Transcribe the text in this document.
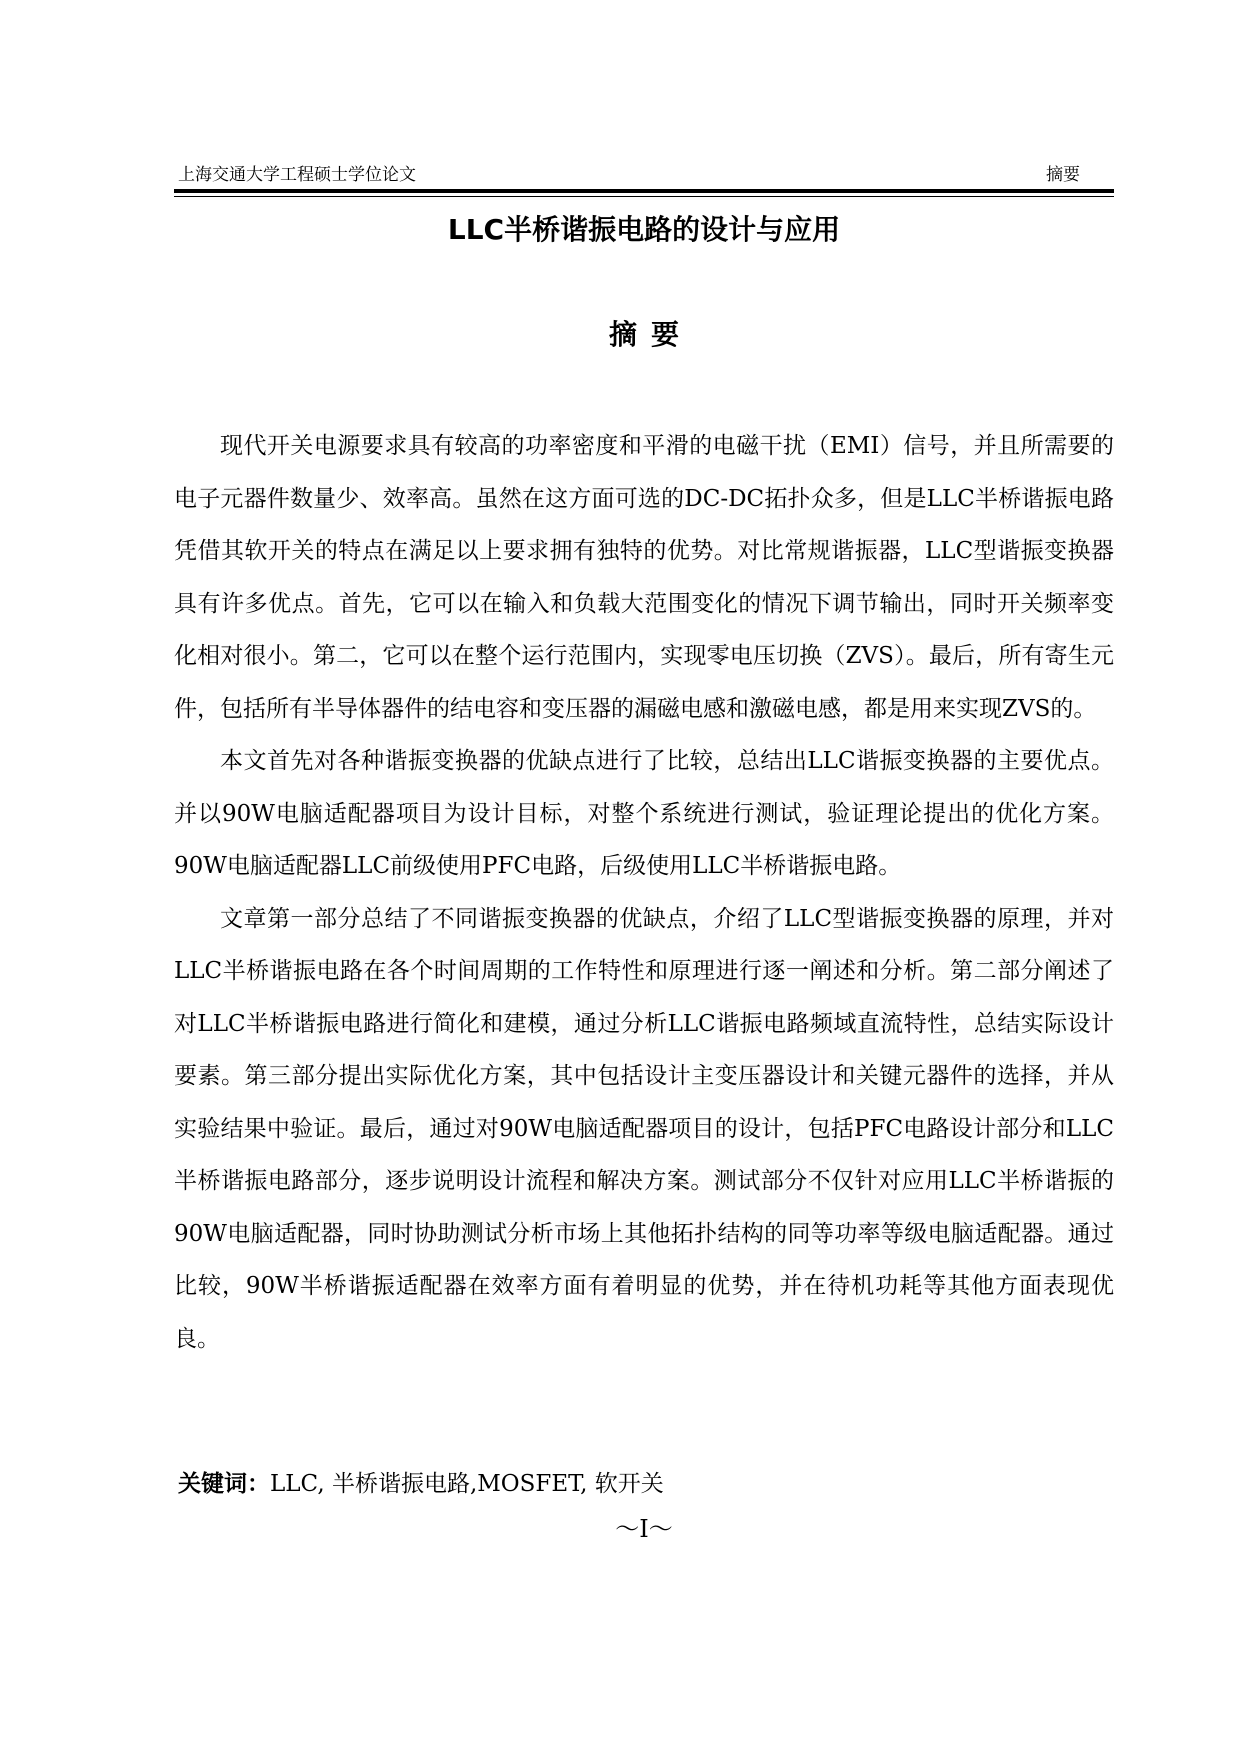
上海交通大学工程硕士学位论文	摘要
LLC半桥谐振电路的设计与应用
摘要

现代开关电源要求具有较高的功率密度和平滑的电磁干扰（EMI）信号，并且所需要的电子元器件数量少、效率高。虽然在这方面可选的DC-DC拓扑众多，但是LLC半桥谐振电路凭借其软开关的特点在满足以上要求拥有独特的优势。对比常规谐振器，LLC型谐振变换器具有许多优点。首先，它可以在输入和负载大范围变化的情况下调节输出，同时开关频率变化相对很小。第二，它可以在整个运行范围内，实现零电压切换（ZVS）。最后，所有寄生元件，包括所有半导体器件的结电容和变压器的漏磁电感和激磁电感，都是用来实现ZVS的。

本文首先对各种谐振变换器的优缺点进行了比较，总结出LLC谐振变换器的主要优点。并以90W电脑适配器项目为设计目标，对整个系统进行测试，验证理论提出的优化方案。90W电脑适配器LLC前级使用PFC电路，后级使用LLC半桥谐振电路。

文章第一部分总结了不同谐振变换器的优缺点，介绍了LLC型谐振变换器的原理，并对LLC半桥谐振电路在各个时间周期的工作特性和原理进行逐一阐述和分析。第二部分阐述了对LLC半桥谐振电路进行简化和建模，通过分析LLC谐振电路频域直流特性，总结实际设计要素。第三部分提出实际优化方案，其中包括设计主变压器设计和关键元器件的选择，并从实验结果中验证。最后，通过对90W电脑适配器项目的设计，包括PFC电路设计部分和LLC半桥谐振电路部分，逐步说明设计流程和解决方案。测试部分不仅针对应用LLC半桥谐振的90W电脑适配器，同时协助测试分析市场上其他拓扑结构的同等功率等级电脑适配器。通过比较，90W半桥谐振适配器在效率方面有着明显的优势，并在待机功耗等其他方面表现优良。

关键词：LLC, 半桥谐振电路,MOSFET, 软开关
～I～
